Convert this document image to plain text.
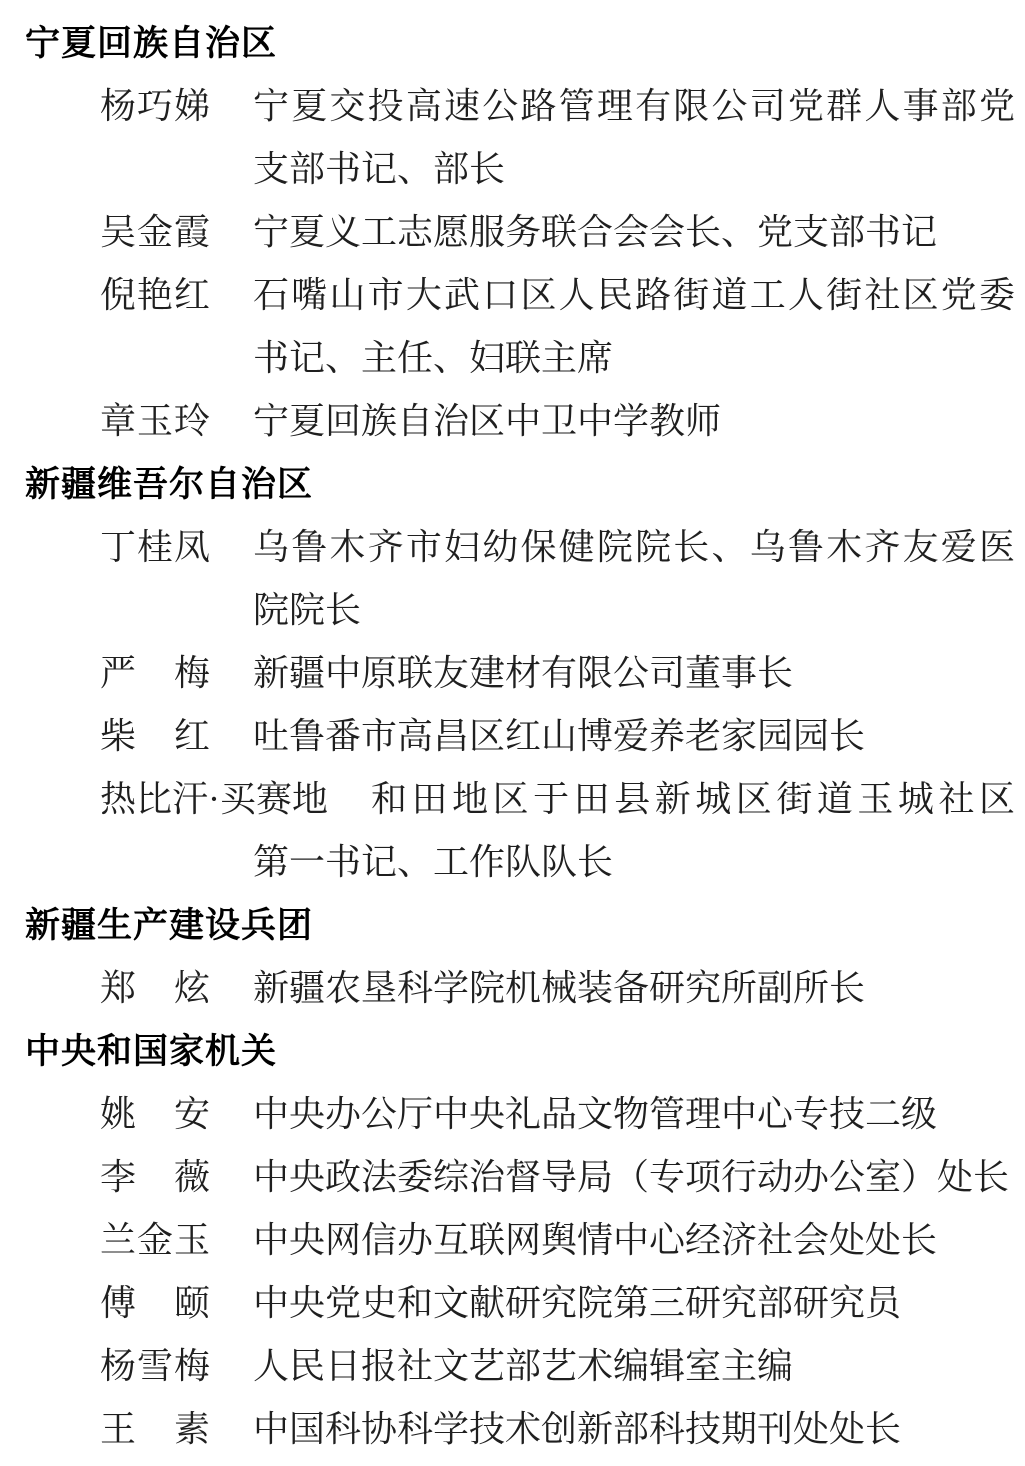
宁夏回族自治区
杨巧娣 宁夏交投高速公路管理有限公司党群人事部党
支部书记、部长
吴金霞 宁夏义工志愿服务联合会会长、党支部书记
倪艳红 石嘴山市大武口区人民路街道工人街社区党委
书记、主任、妇联主席
章玉玲 宁夏回族自治区中卫中学教师
新疆维吾尔自治区
丁桂凤 乌鲁木齐市妇幼保健院院长、乌鲁木齐友爱医
院院长
严梅 新疆中原联友建材有限公司董事长
柴红 吐鲁番市高昌区红山博爱养老家园园长
热比汗·买赛地	和田地区于田县新城区街道玉城社区
第一书记、工作队队长
新疆生产建设兵团
郑炫 新疆农垦科学院机械装备研究所副所长
中央和国家机关
姚安 中央办公厅中央礼品文物管理中心专技二级
李薇 中央政法委综治督导局（专项行动办公室）处长
兰金玉 中央网信办互联网舆情中心经济社会处处长
傅颐 中央党史和文献研究院第三研究部研究员
杨雪梅 人民日报社文艺部艺术编辑室主编
王素 中国科协科学技术创新部科技期刊处处长
